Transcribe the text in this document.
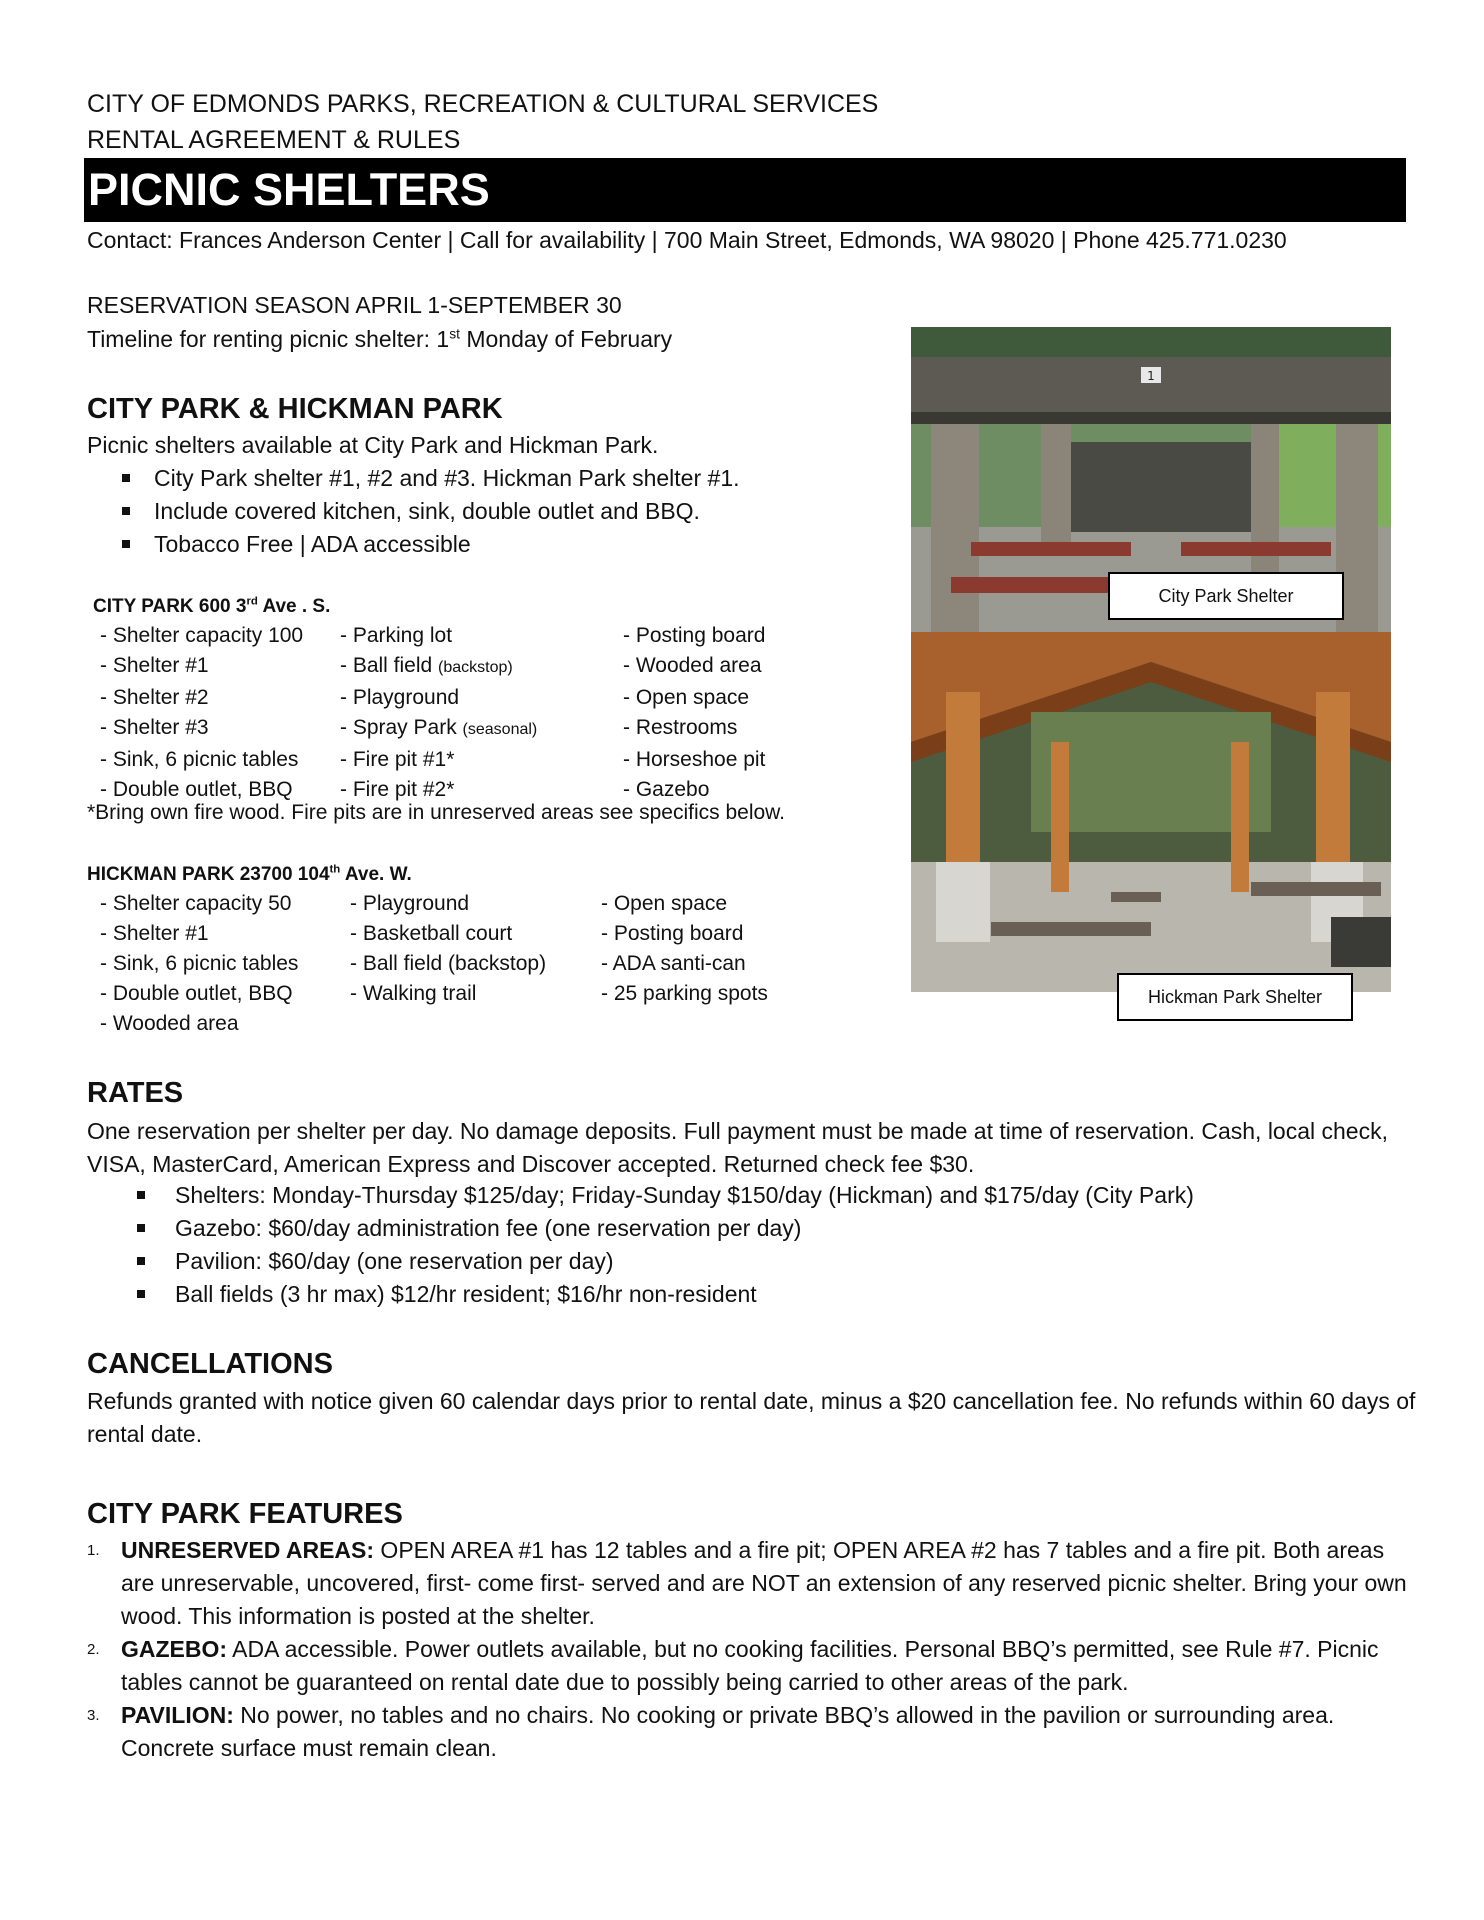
CITY OF EDMONDS PARKS, RECREATION & CULTURAL SERVICES
RENTAL AGREEMENT & RULES
PICNIC SHELTERS
Contact: Frances Anderson Center | Call for availability | 700 Main Street, Edmonds, WA 98020 | Phone 425.771.0230
RESERVATION SEASON APRIL 1-SEPTEMBER 30
Timeline for renting picnic shelter: 1st Monday of February
CITY PARK & HICKMAN PARK
Picnic shelters available at City Park and Hickman Park.
City Park shelter #1, #2 and #3. Hickman Park shelter #1.
Include covered kitchen, sink, double outlet and BBQ.
Tobacco Free | ADA accessible
CITY PARK 600 3rd Ave . S.
- Shelter capacity 100	- Parking lot	- Posting board
- Shelter #1	- Ball field (backstop)	- Wooded area
- Shelter #2	- Playground	- Open space
- Shelter #3	- Spray Park (seasonal)	- Restrooms
- Sink, 6 picnic tables	- Fire pit #1*	- Horseshoe pit
- Double outlet, BBQ	- Fire pit #2*	- Gazebo
*Bring own fire wood. Fire pits are in unreserved areas see specifics below.
HICKMAN PARK 23700 104th Ave. W.
- Shelter capacity 50	- Playground	- Open space
- Shelter #1	- Basketball court	- Posting board
- Sink, 6 picnic tables	- Ball field (backstop)	- ADA santi-can
- Double outlet, BBQ	- Walking trail	- 25 parking spots
- Wooded area
1
City Park Shelter
Hickman Park Shelter
RATES
One reservation per shelter per day. No damage deposits. Full payment must be made at time of reservation. Cash, local check, VISA, MasterCard, American Express and Discover accepted. Returned check fee $30.
Shelters: Monday-Thursday $125/day; Friday-Sunday $150/day (Hickman) and $175/day (City Park)
Gazebo: $60/day administration fee (one reservation per day)
Pavilion: $60/day (one reservation per day)
Ball fields (3 hr max) $12/hr resident; $16/hr non-resident
CANCELLATIONS
Refunds granted with notice given 60 calendar days prior to rental date, minus a $20 cancellation fee. No refunds within 60 days of rental date.
CITY PARK FEATURES
1. UNRESERVED AREAS: OPEN AREA #1 has 12 tables and a fire pit; OPEN AREA #2 has 7 tables and a fire pit. Both areas are unreservable, uncovered, first- come first- served and are NOT an extension of any reserved picnic shelter. Bring your own wood. This information is posted at the shelter.
2. GAZEBO: ADA accessible. Power outlets available, but no cooking facilities. Personal BBQ’s permitted, see Rule #7. Picnic tables cannot be guaranteed on rental date due to possibly being carried to other areas of the park.
3. PAVILION: No power, no tables and no chairs. No cooking or private BBQ’s allowed in the pavilion or surrounding area. Concrete surface must remain clean.
